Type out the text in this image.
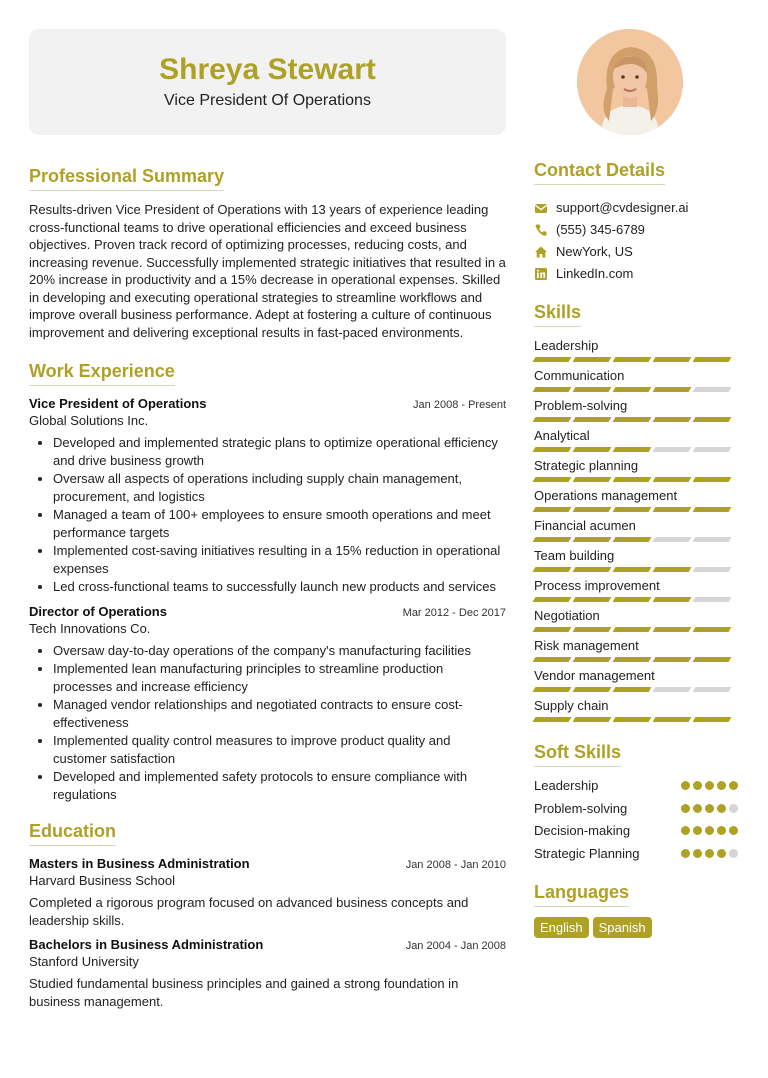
Shreya Stewart
Vice President Of Operations
Professional Summary

Results-driven Vice President of Operations with 13 years of experience leading cross-functional teams to drive operational efficiencies and exceed business objectives. Proven track record of optimizing processes, reducing costs, and increasing revenue. Successfully implemented strategic initiatives that resulted in a 20% increase in productivity and a 15% decrease in operational expenses. Skilled in developing and executing operational strategies to streamline workflows and improve overall business performance. Adept at fostering a culture of continuous improvement and delivering exceptional results in fast-paced environments.

Work Experience
Vice President of Operations	Jan 2008 - Present
Global Solutions Inc.
• Developed and implemented strategic plans to optimize operational efficiency and drive business growth
• Oversaw all aspects of operations including supply chain management, procurement, and logistics
• Managed a team of 100+ employees to ensure smooth operations and meet performance targets
• Implemented cost-saving initiatives resulting in a 15% reduction in operational expenses
• Led cross-functional teams to successfully launch new products and services
Director of Operations	Mar 2012 - Dec 2017
Tech Innovations Co.
• Oversaw day-to-day operations of the company's manufacturing facilities
• Implemented lean manufacturing principles to streamline production processes and increase efficiency
• Managed vendor relationships and negotiated contracts to ensure cost-effectiveness
• Implemented quality control measures to improve product quality and customer satisfaction
• Developed and implemented safety protocols to ensure compliance with regulations
Education
Masters in Business Administration	Jan 2008 - Jan 2010
Harvard Business School

Completed a rigorous program focused on advanced business concepts and leadership skills.

Bachelors in Business Administration	Jan 2004 - Jan 2008
Stanford University

Studied fundamental business principles and gained a strong foundation in business management.

Contact Details
support@cvdesigner.ai
(555) 345-6789
NewYork, US
LinkedIn.com
Skills
Leadership
Communication
Problem-solving
Analytical
Strategic planning
Operations management
Financial acumen
Team building
Process improvement
Negotiation
Risk management
Vendor management
Supply chain
Soft Skills
Leadership
Problem-solving
Decision-making
Strategic Planning
Languages
English	Spanish
